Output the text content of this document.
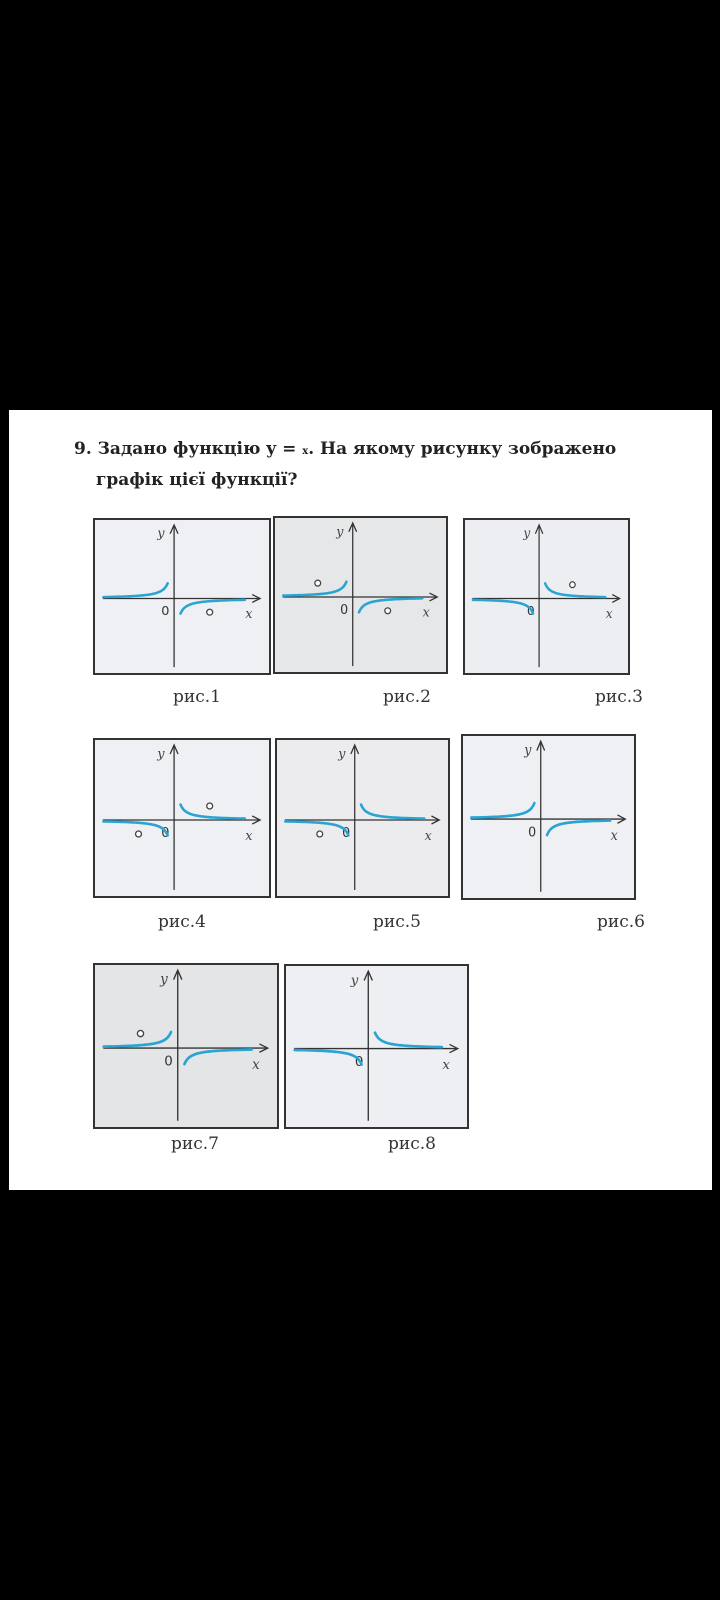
9. Задано функцію y = x. На якому рисунку зображено
графік цієї функції?
y
x
0
рис.1
y
x
0
рис.2
y
x
0
рис.3
y
x
0
рис.4
y
x
0
рис.5
y
x
0
рис.6
y
x
0
рис.7
y
x
0
рис.8
